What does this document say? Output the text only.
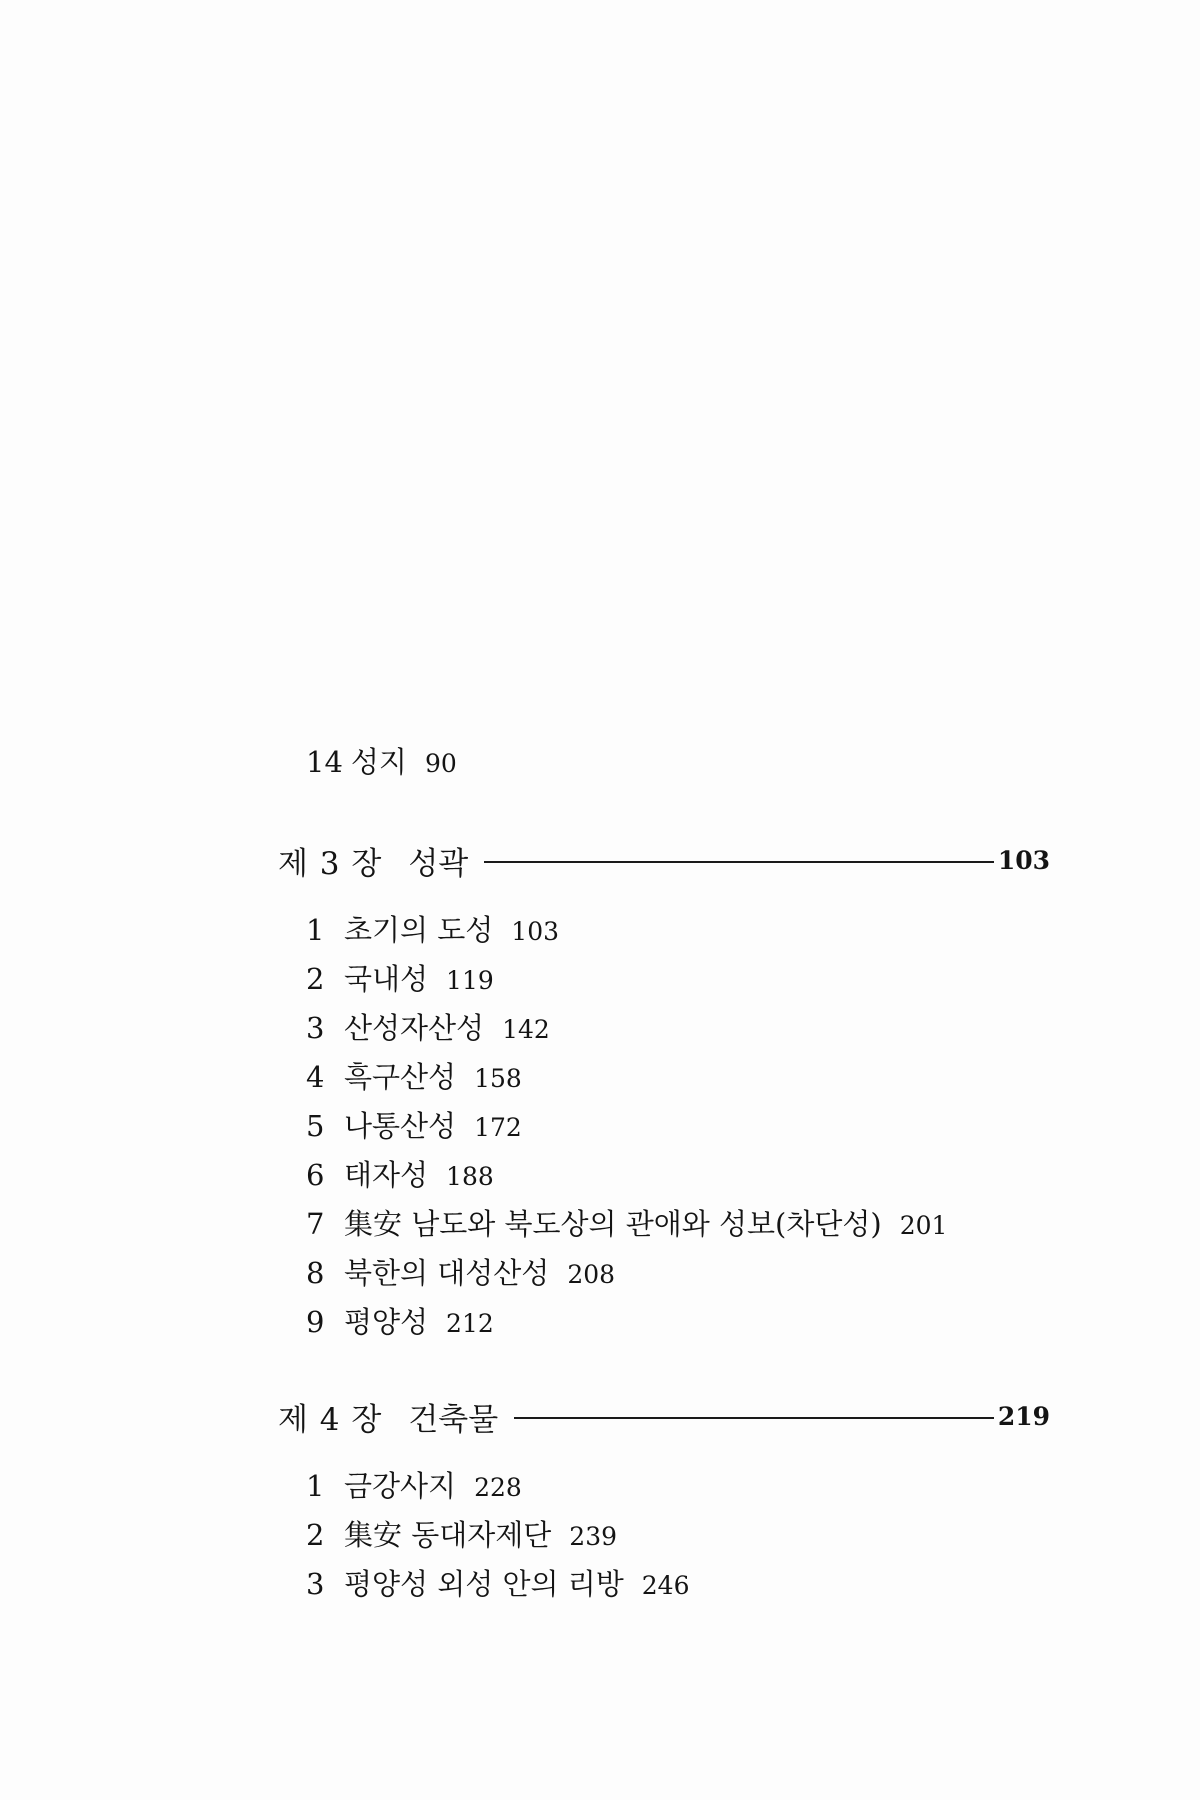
14 성지 90
제 3 장 성곽	103
1 초기의 도성 103
2 국내성 119
3 산성자산성 142
4 흑구산성 158
5 나통산성 172
6 태자성 188
7 集安 남도와 북도상의 관애와 성보(차단성) 201
8 북한의 대성산성 208
9 평양성 212
제 4 장 건축물	219
1 금강사지 228
2 集安 동대자제단 239
3 평양성 외성 안의 리방 246
